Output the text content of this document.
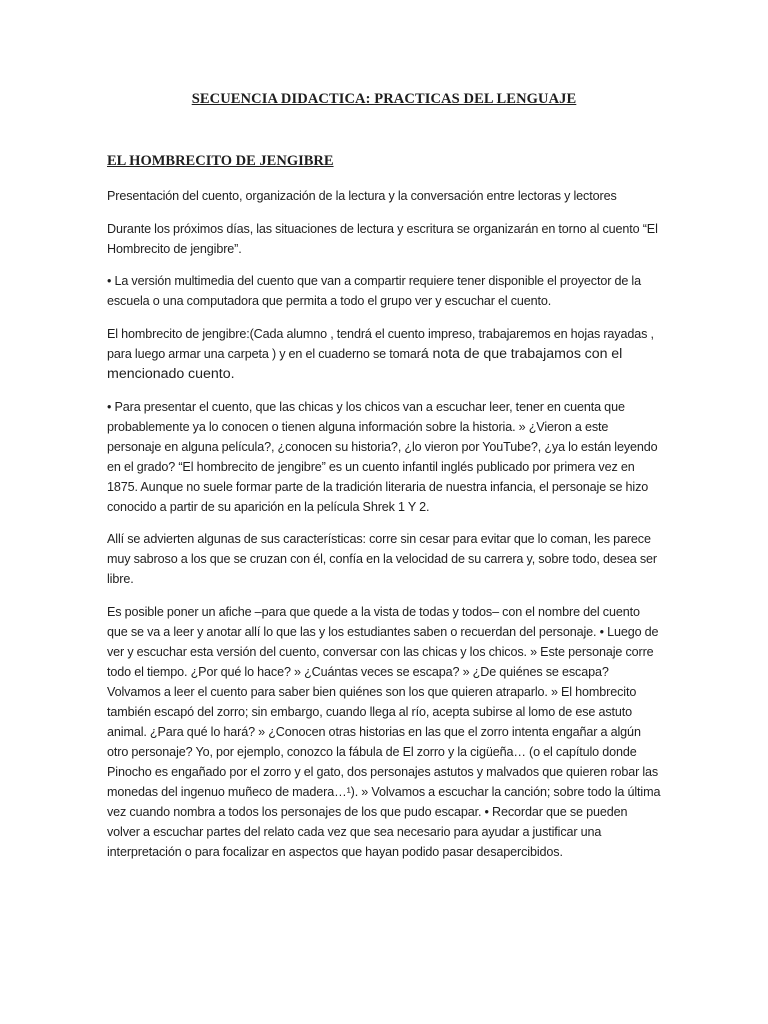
SECUENCIA DIDACTICA: PRACTICAS DEL LENGUAJE
EL HOMBRECITO DE JENGIBRE

Presentación del cuento, organización de la lectura y la conversación entre lectoras y lectores

Durante los próximos días, las situaciones de lectura y escritura se organizarán en torno al cuento “El Hombrecito de jengibre”.

• La versión multimedia del cuento que van a compartir requiere tener disponible el proyector de la escuela o una computadora que permita a todo el grupo ver y escuchar el cuento.

El hombrecito de jengibre:(Cada alumno , tendrá el cuento impreso, trabajaremos en hojas rayadas , para luego armar una carpeta ) y en el cuaderno se tomará nota de que trabajamos con el mencionado cuento.

• Para presentar el cuento, que las chicas y los chicos van a escuchar leer, tener en cuenta que probablemente ya lo conocen o tienen alguna información sobre la historia. » ¿Vieron a este personaje en alguna película?, ¿conocen su historia?, ¿lo vieron por YouTube?, ¿ya lo están leyendo en el grado? “El hombrecito de jengibre” es un cuento infantil inglés publicado por primera vez en 1875. Aunque no suele formar parte de la tradición literaria de nuestra infancia, el personaje se hizo conocido a partir de su aparición en la película Shrek 1 Y 2.

Allí se advierten algunas de sus características: corre sin cesar para evitar que lo coman, les parece muy sabroso a los que se cruzan con él, confía en la velocidad de su carrera y, sobre todo, desea ser libre.

Es posible poner un afiche –para que quede a la vista de todas y todos– con el nombre del cuento que se va a leer y anotar allí lo que las y los estudiantes saben o recuerdan del personaje. • Luego de ver y escuchar esta versión del cuento, conversar con las chicas y los chicos. » Este personaje corre todo el tiempo. ¿Por qué lo hace? » ¿Cuántas veces se escapa? » ¿De quiénes se escapa? Volvamos a leer el cuento para saber bien quiénes son los que quieren atraparlo. » El hombrecito también escapó del zorro; sin embargo, cuando llega al río, acepta subirse al lomo de ese astuto animal. ¿Para qué lo hará? » ¿Conocen otras historias en las que el zorro intenta engañar a algún otro personaje? Yo, por ejemplo, conozco la fábula de El zorro y la cigüeña… (o el capítulo donde Pinocho es engañado por el zorro y el gato, dos personajes astutos y malvados que quieren robar las monedas del ingenuo muñeco de madera…¹). » Volvamos a escuchar la canción; sobre todo la última vez cuando nombra a todos los personajes de los que pudo escapar. • Recordar que se pueden volver a escuchar partes del relato cada vez que sea necesario para ayudar a justificar una interpretación o para focalizar en aspectos que hayan podido pasar desapercibidos.
